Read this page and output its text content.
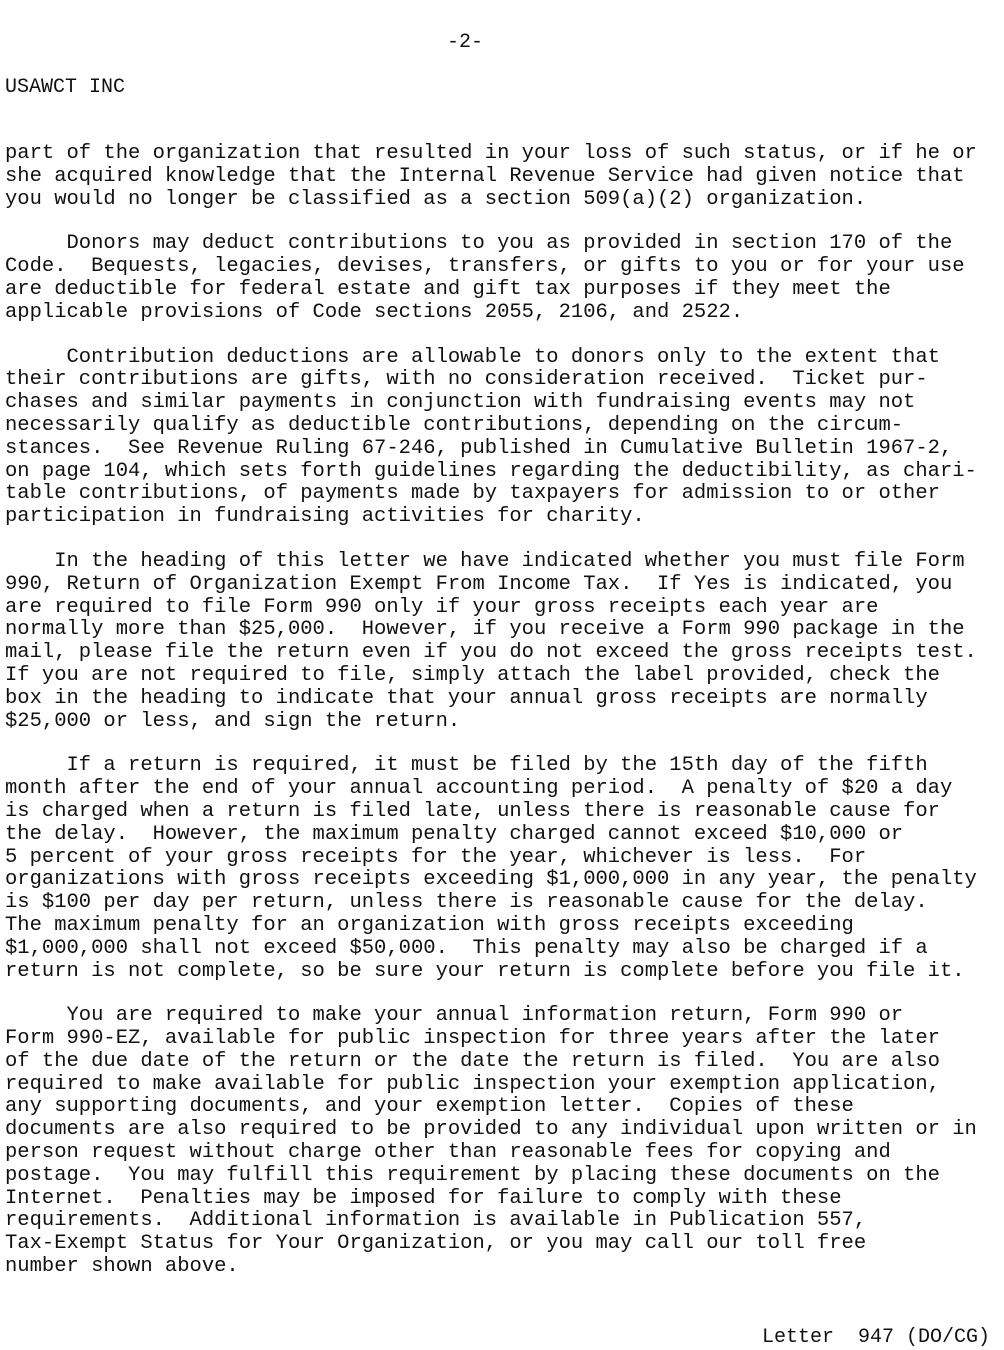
-2-
USAWCT INC
part of the organization that resulted in your loss of such status, or if he or
she acquired knowledge that the Internal Revenue Service had given notice that
you would no longer be classified as a section 509(a)(2) organization.
Donors may deduct contributions to you as provided in section 170 of the
Code.  Bequests, legacies, devises, transfers, or gifts to you or for your use
are deductible for federal estate and gift tax purposes if they meet the
applicable provisions of Code sections 2055, 2106, and 2522.
Contribution deductions are allowable to donors only to the extent that
their contributions are gifts, with no consideration received.  Ticket pur-
chases and similar payments in conjunction with fundraising events may not
necessarily qualify as deductible contributions, depending on the circum-
stances.  See Revenue Ruling 67-246, published in Cumulative Bulletin 1967-2,
on page 104, which sets forth guidelines regarding the deductibility, as chari-
table contributions, of payments made by taxpayers for admission to or other
participation in fundraising activities for charity.
In the heading of this letter we have indicated whether you must file Form
990, Return of Organization Exempt From Income Tax.  If Yes is indicated, you
are required to file Form 990 only if your gross receipts each year are
normally more than $25,000.  However, if you receive a Form 990 package in the
mail, please file the return even if you do not exceed the gross receipts test.
If you are not required to file, simply attach the label provided, check the
box in the heading to indicate that your annual gross receipts are normally
$25,000 or less, and sign the return.
If a return is required, it must be filed by the 15th day of the fifth
month after the end of your annual accounting period.  A penalty of $20 a day
is charged when a return is filed late, unless there is reasonable cause for
the delay.  However, the maximum penalty charged cannot exceed $10,000 or
5 percent of your gross receipts for the year, whichever is less.  For
organizations with gross receipts exceeding $1,000,000 in any year, the penalty
is $100 per day per return, unless there is reasonable cause for the delay.
The maximum penalty for an organization with gross receipts exceeding
$1,000,000 shall not exceed $50,000.  This penalty may also be charged if a
return is not complete, so be sure your return is complete before you file it.
You are required to make your annual information return, Form 990 or
Form 990-EZ, available for public inspection for three years after the later
of the due date of the return or the date the return is filed.  You are also
required to make available for public inspection your exemption application,
any supporting documents, and your exemption letter.  Copies of these
documents are also required to be provided to any individual upon written or in
person request without charge other than reasonable fees for copying and
postage.  You may fulfill this requirement by placing these documents on the
Internet.  Penalties may be imposed for failure to comply with these
requirements.  Additional information is available in Publication 557,
Tax-Exempt Status for Your Organization, or you may call our toll free
number shown above.
Letter  947 (DO/CG)
